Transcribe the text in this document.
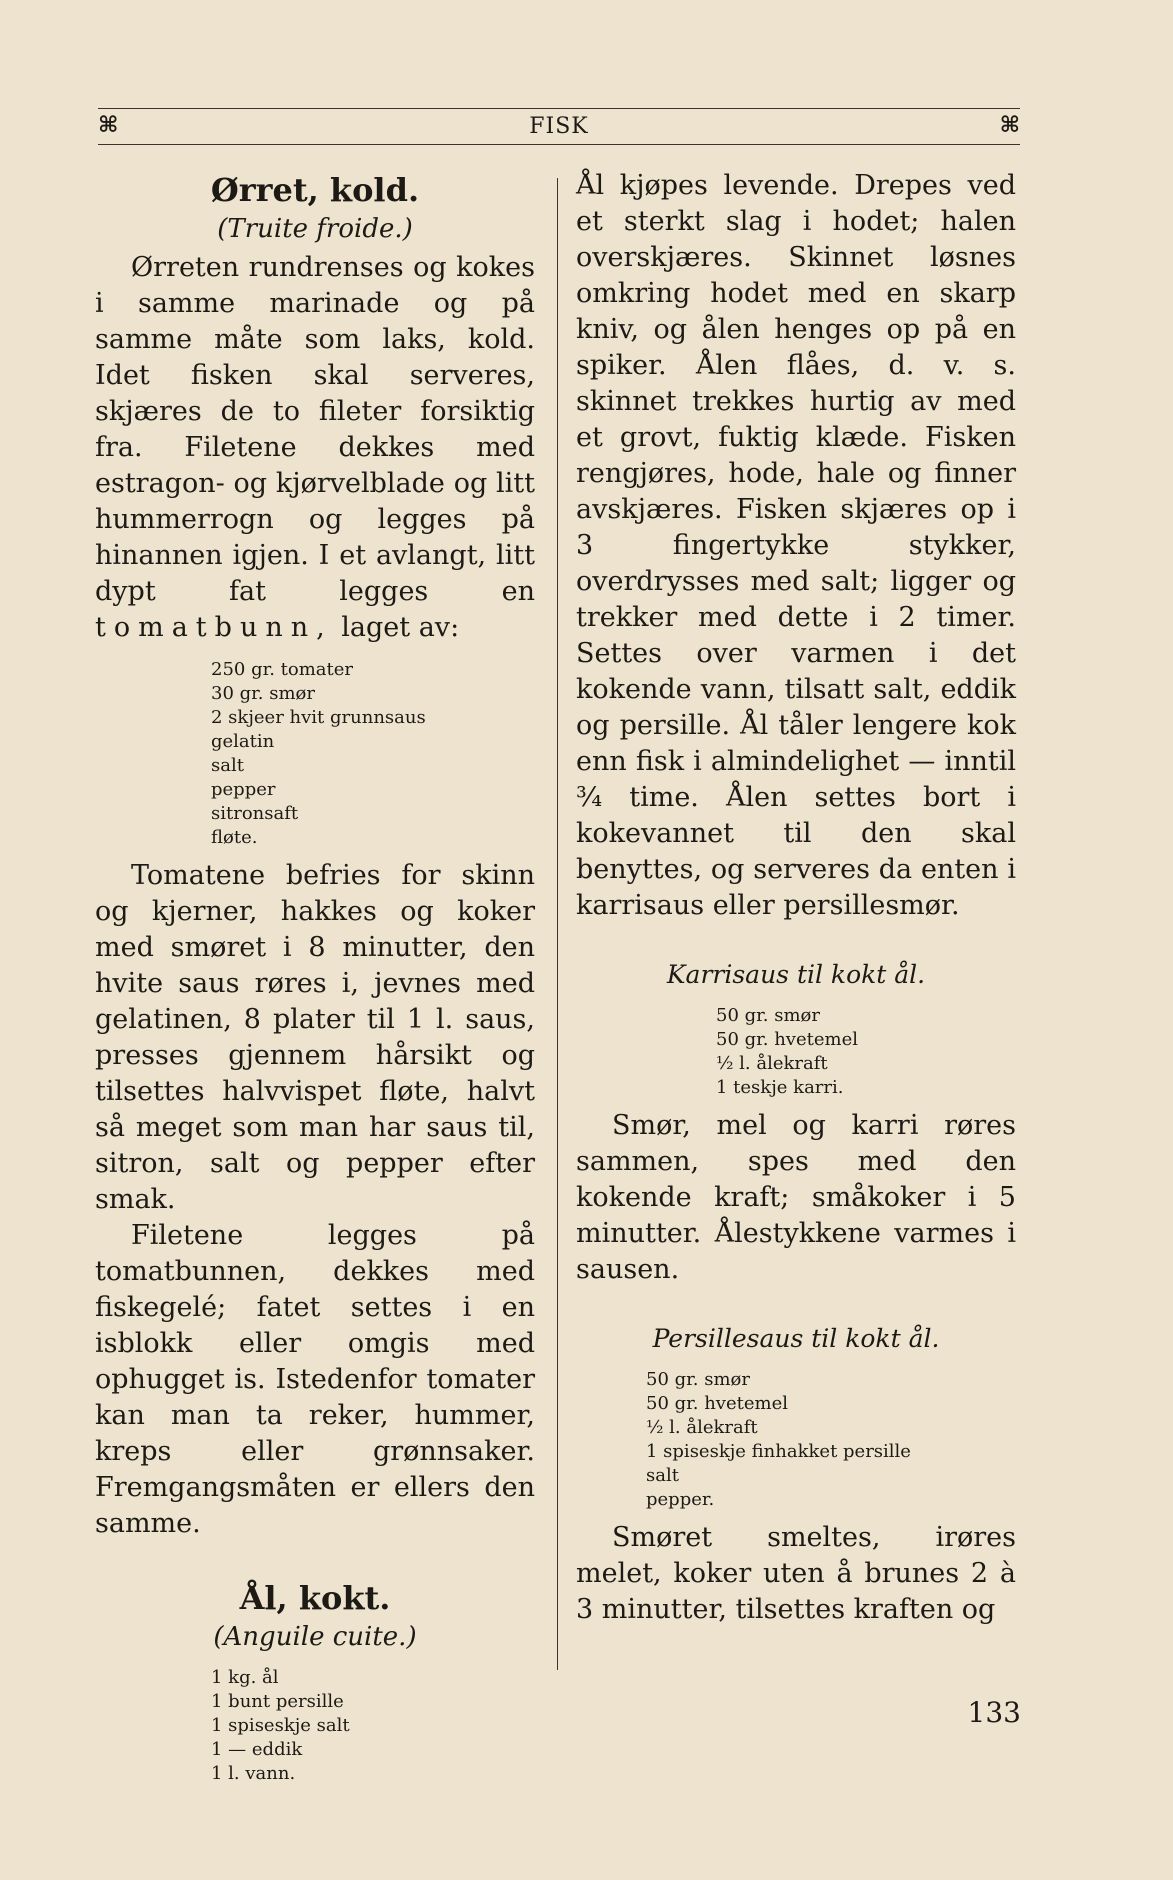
⌘	FISK	⌘
Ørret, kold.

(Truite froide.)

Ørreten rundrenses og kokes i samme marinade og på samme måte som laks, kold. Idet fisken skal serveres, skjæres de to fileter forsiktig fra. Filetene dekkes med estragon- og kjørvelblade og litt hummerrogn og legges på hinannen igjen. I et avlangt, litt dypt fat legges en tomatbunn, laget av:

250 gr. tomater
30 gr. smør
2 skjeer hvit grunnsaus
gelatin
salt
pepper
sitronsaft
fløte.

Tomatene befries for skinn og kjerner, hakkes og koker med smøret i 8 minutter, den hvite saus røres i, jevnes med gelatinen, 8 plater til 1 l. saus, presses gjennem hårsikt og tilsettes halvvispet fløte, halvt så meget som man har saus til, sitron, salt og pepper efter smak.

Filetene legges på tomatbunnen, dekkes med fiskegelé; fatet settes i en isblokk eller omgis med ophugget is. Istedenfor tomater kan man ta reker, hummer, kreps eller grønnsaker. Fremgangsmåten er ellers den samme.

Ål, kokt.

(Anguile cuite.)

1 kg. ål
1 bunt persille
1 spiseskje salt
1 — eddik
1 l. vann.

Ål kjøpes levende. Drepes ved et sterkt slag i hodet; halen overskjæres. Skinnet løsnes omkring hodet med en skarp kniv, og ålen henges op på en spiker. Ålen flåes, d. v. s. skinnet trekkes hurtig av med et grovt, fuktig klæde. Fisken rengjøres, hode, hale og finner avskjæres. Fisken skjæres op i 3 fingertykke stykker, overdrysses med salt; ligger og trekker med dette i 2 timer. Settes over varmen i det kokende vann, tilsatt salt, eddik og persille. Ål tåler lengere kok enn fisk i almindelighet — inntil ¾ time. Ålen settes bort i kokevannet til den skal benyttes, og serveres da enten i karrisaus eller persillesmør.

Karrisaus til kokt ål.

50 gr. smør
50 gr. hvetemel
½ l. ålekraft
1 teskje karri.

Smør, mel og karri røres sammen, spes med den kokende kraft; småkoker i 5 minutter. Ålestykkene varmes i sausen.

Persillesaus til kokt ål.

50 gr. smør
50 gr. hvetemel
½ l. ålekraft
1 spiseskje finhakket persille
salt
pepper.

Smøret smeltes, irøres melet, koker uten å brunes 2 à 3 minutter, tilsettes kraften og

133
